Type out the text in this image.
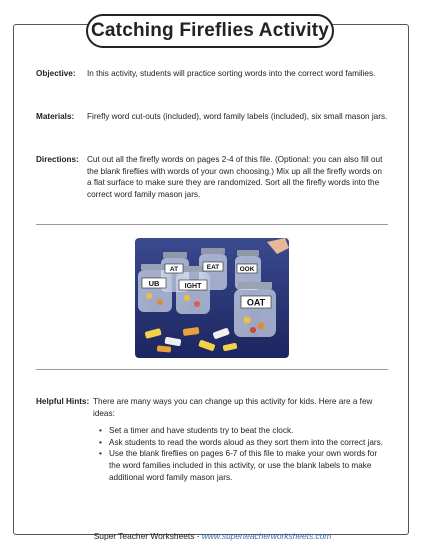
Catching Fireflies Activity
Objective:	In this activity, students will practice sorting words into the correct word families.
Materials:	Firefly word cut-outs (included), word family labels (included), six small mason jars.
Directions:	Cut out all the firefly words on pages 2-4 of this file. (Optional: you can also fill out the blank fireflies with words of your own choosing.) Mix up all the firefly words on a flat surface to make sure they are randomized. Sort all the firefly words into the correct word family mason jars.
UB
AT	EAT	OOK
IGHT
OAT
Helpful Hints: There are many ways you can change up this activity for kids. Here are a few ideas:
• Set a timer and have students try to beat the clock.
• Ask students to read the words aloud as they sort them into the correct jars.
• Use the blank fireflies on pages 6-7 of this file to make your own words for the word families included in this activity, or use the blank labels to make additional word family mason jars.
Super Teacher Worksheets - www.superteacherworksheets.com
